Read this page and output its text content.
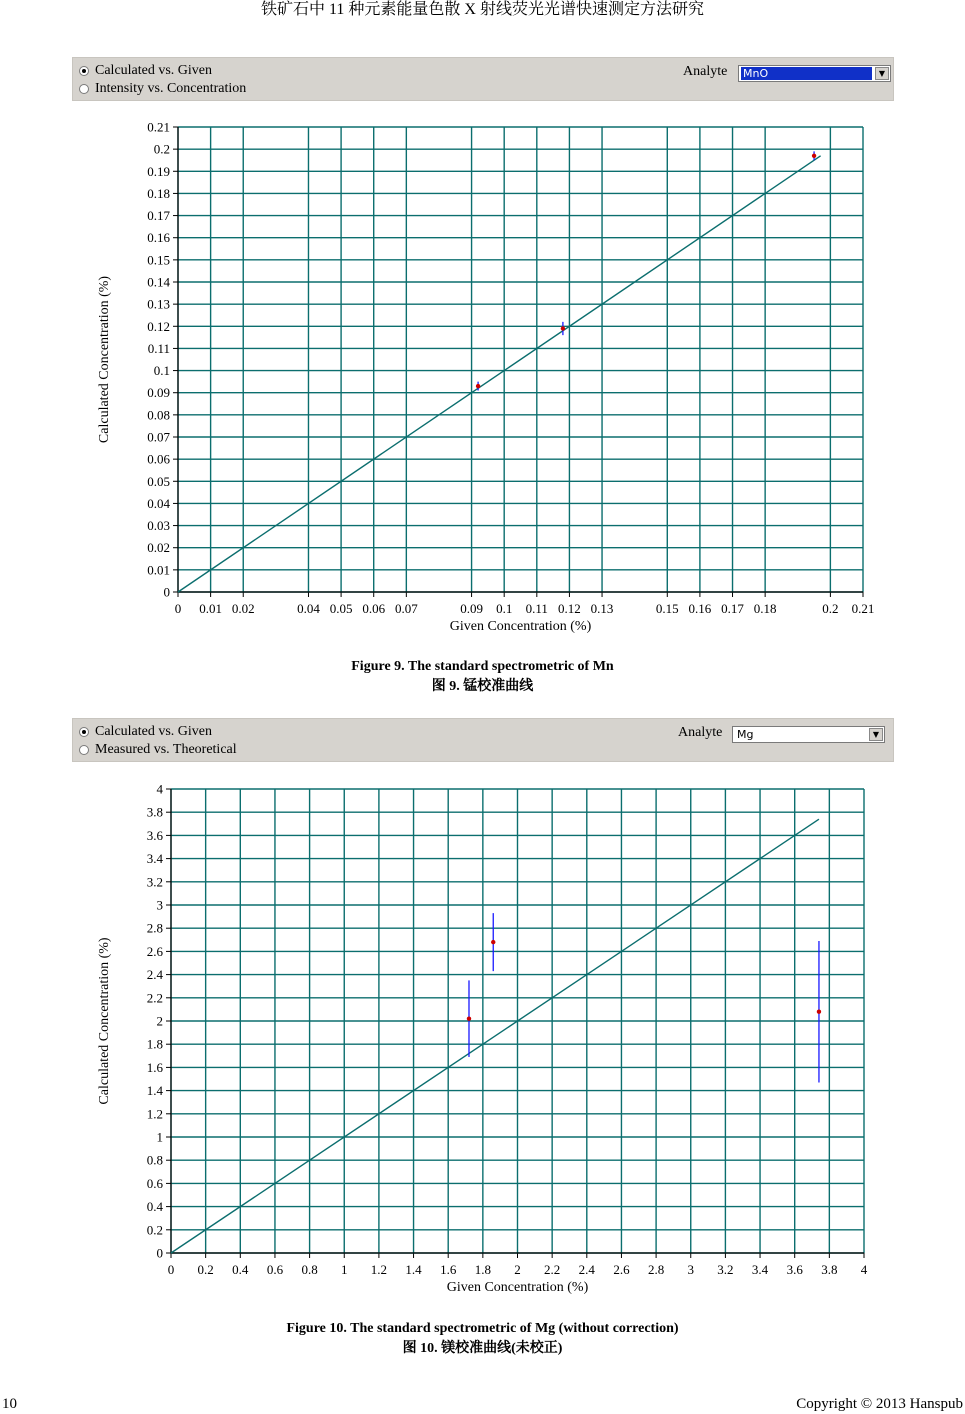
铁矿石中 11 种元素能量色散 X 射线荧光光谱快速测定方法研究
Calculated vs. Given
Intensity vs. Concentration
Analyte MnO	▼
0 0.01 0.02	0.04 0.05 0.06 0.07	0.09 0.1 0.11 0.12 0.13	0.15 0.16 0.17 0.18	0.2 0.21
0
0.01
0.02
0.03
0.04
0.05
0.06
0.07
0.08
0.09
0.1
0.11
0.12
0.13
0.14
0.15
0.16
0.17
0.18
0.19
0.2
0.21
Given Concentration (%)
Calculated Concentration (%)
Figure 9. The standard spectrometric of Mn
图 9. 锰校准曲线
Calculated vs. Given
Measured vs. Theoretical
Analyte Mg	▼
0 0.2 0.4 0.6 0.8 1 1.2 1.4 1.6 1.8 2 2.2 2.4 2.6 2.8 3 3.2 3.4 3.6 3.8 4
0
0.2
0.4
0.6
0.8
1
1.2
1.4
1.6
1.8
2
2.2
2.4
2.6
2.8
3
3.2
3.4
3.6
3.8
4
Given Concentration (%)
Calculated Concentration (%)
Figure 10. The standard spectrometric of Mg (without correction)
图 10. 镁校准曲线(未校正)
10	Copyright © 2013 Hanspub
